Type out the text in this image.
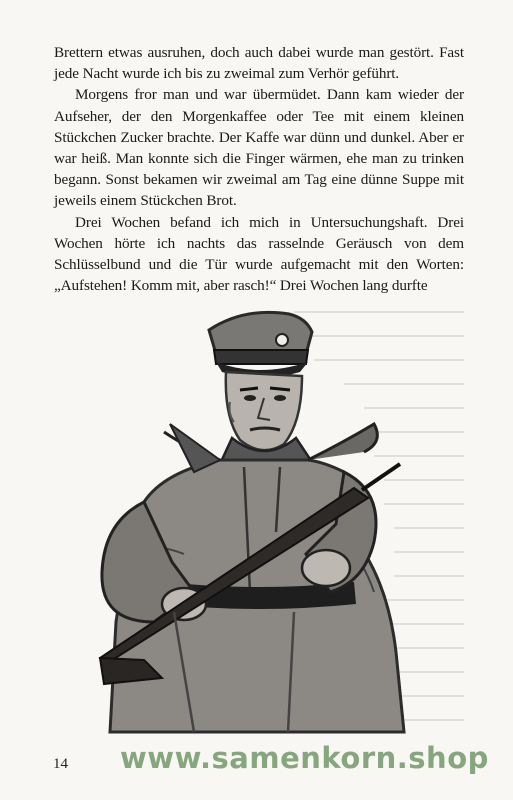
Brettern etwas ausruhen, doch auch dabei wurde man gestört. Fast jede Nacht wurde ich bis zu zweimal zum Verhör geführt.

Morgens fror man und war übermüdet. Dann kam wieder der Aufseher, der den Morgenkaffee oder Tee mit einem kleinen Stückchen Zucker brachte. Der Kaffe war dünn und dunkel. Aber er war heiß. Man konnte sich die Finger wärmen, ehe man zu trinken begann. Sonst bekamen wir zweimal am Tag eine dünne Suppe mit jeweils einem Stückchen Brot.

Drei Wochen befand ich mich in Untersuchungshaft. Drei Wochen hörte ich nachts das rasselnde Geräusch von dem Schlüsselbund und die Tür wurde aufgemacht mit den Worten: „Aufstehen! Komm mit, aber rasch!“ Drei Wochen lang durfte

14 www.samenkorn.shop
